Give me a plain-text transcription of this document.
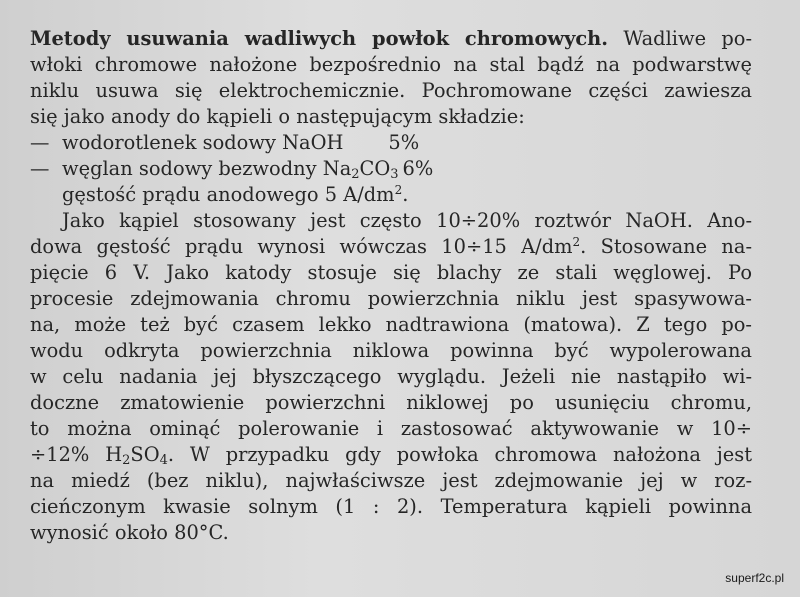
Metody usuwania wadliwych powłok chromowych. Wadliwe po-
włoki chromowe nałożone bezpośrednio na stal bądź na podwarstwę
niklu usuwa się elektrochemicznie. Pochromowane części zawiesza
się jako anody do kąpieli o następującym składzie:
— wodorotlenek sodowy NaOH 5%
— węglan sodowy bezwodny $Na_2CO_3$ 6%
gęstość prądu anodowego 5 $A/dm^2$.
Jako kąpiel stosowany jest często 10÷20% roztwór NaOH. Ano-
dowa gęstość prądu wynosi wówczas 10÷15 $A/dm^2$. Stosowane na-
pięcie 6 V. Jako katody stosuje się blachy ze stali węglowej. Po
procesie zdejmowania chromu powierzchnia niklu jest spasywowa-
na, może też być czasem lekko nadtrawiona (matowa). Z tego po-
wodu odkryta powierzchnia niklowa powinna być wypolerowana
w celu nadania jej błyszczącego wyglądu. Jeżeli nie nastąpiło wi-
doczne zmatowienie powierzchni niklowej po usunięciu chromu,
to można ominąć polerowanie i zastosować aktywowanie w 10÷
÷12% $H_2SO_4$. W przypadku gdy powłoka chromowa nałożona jest
na miedź (bez niklu), najwłaściwsze jest zdejmowanie jej w roz-
cieńczonym kwasie solnym (1 : 2). Temperatura kąpieli powinna
wynosić około 80°C.
superf2c.pl
